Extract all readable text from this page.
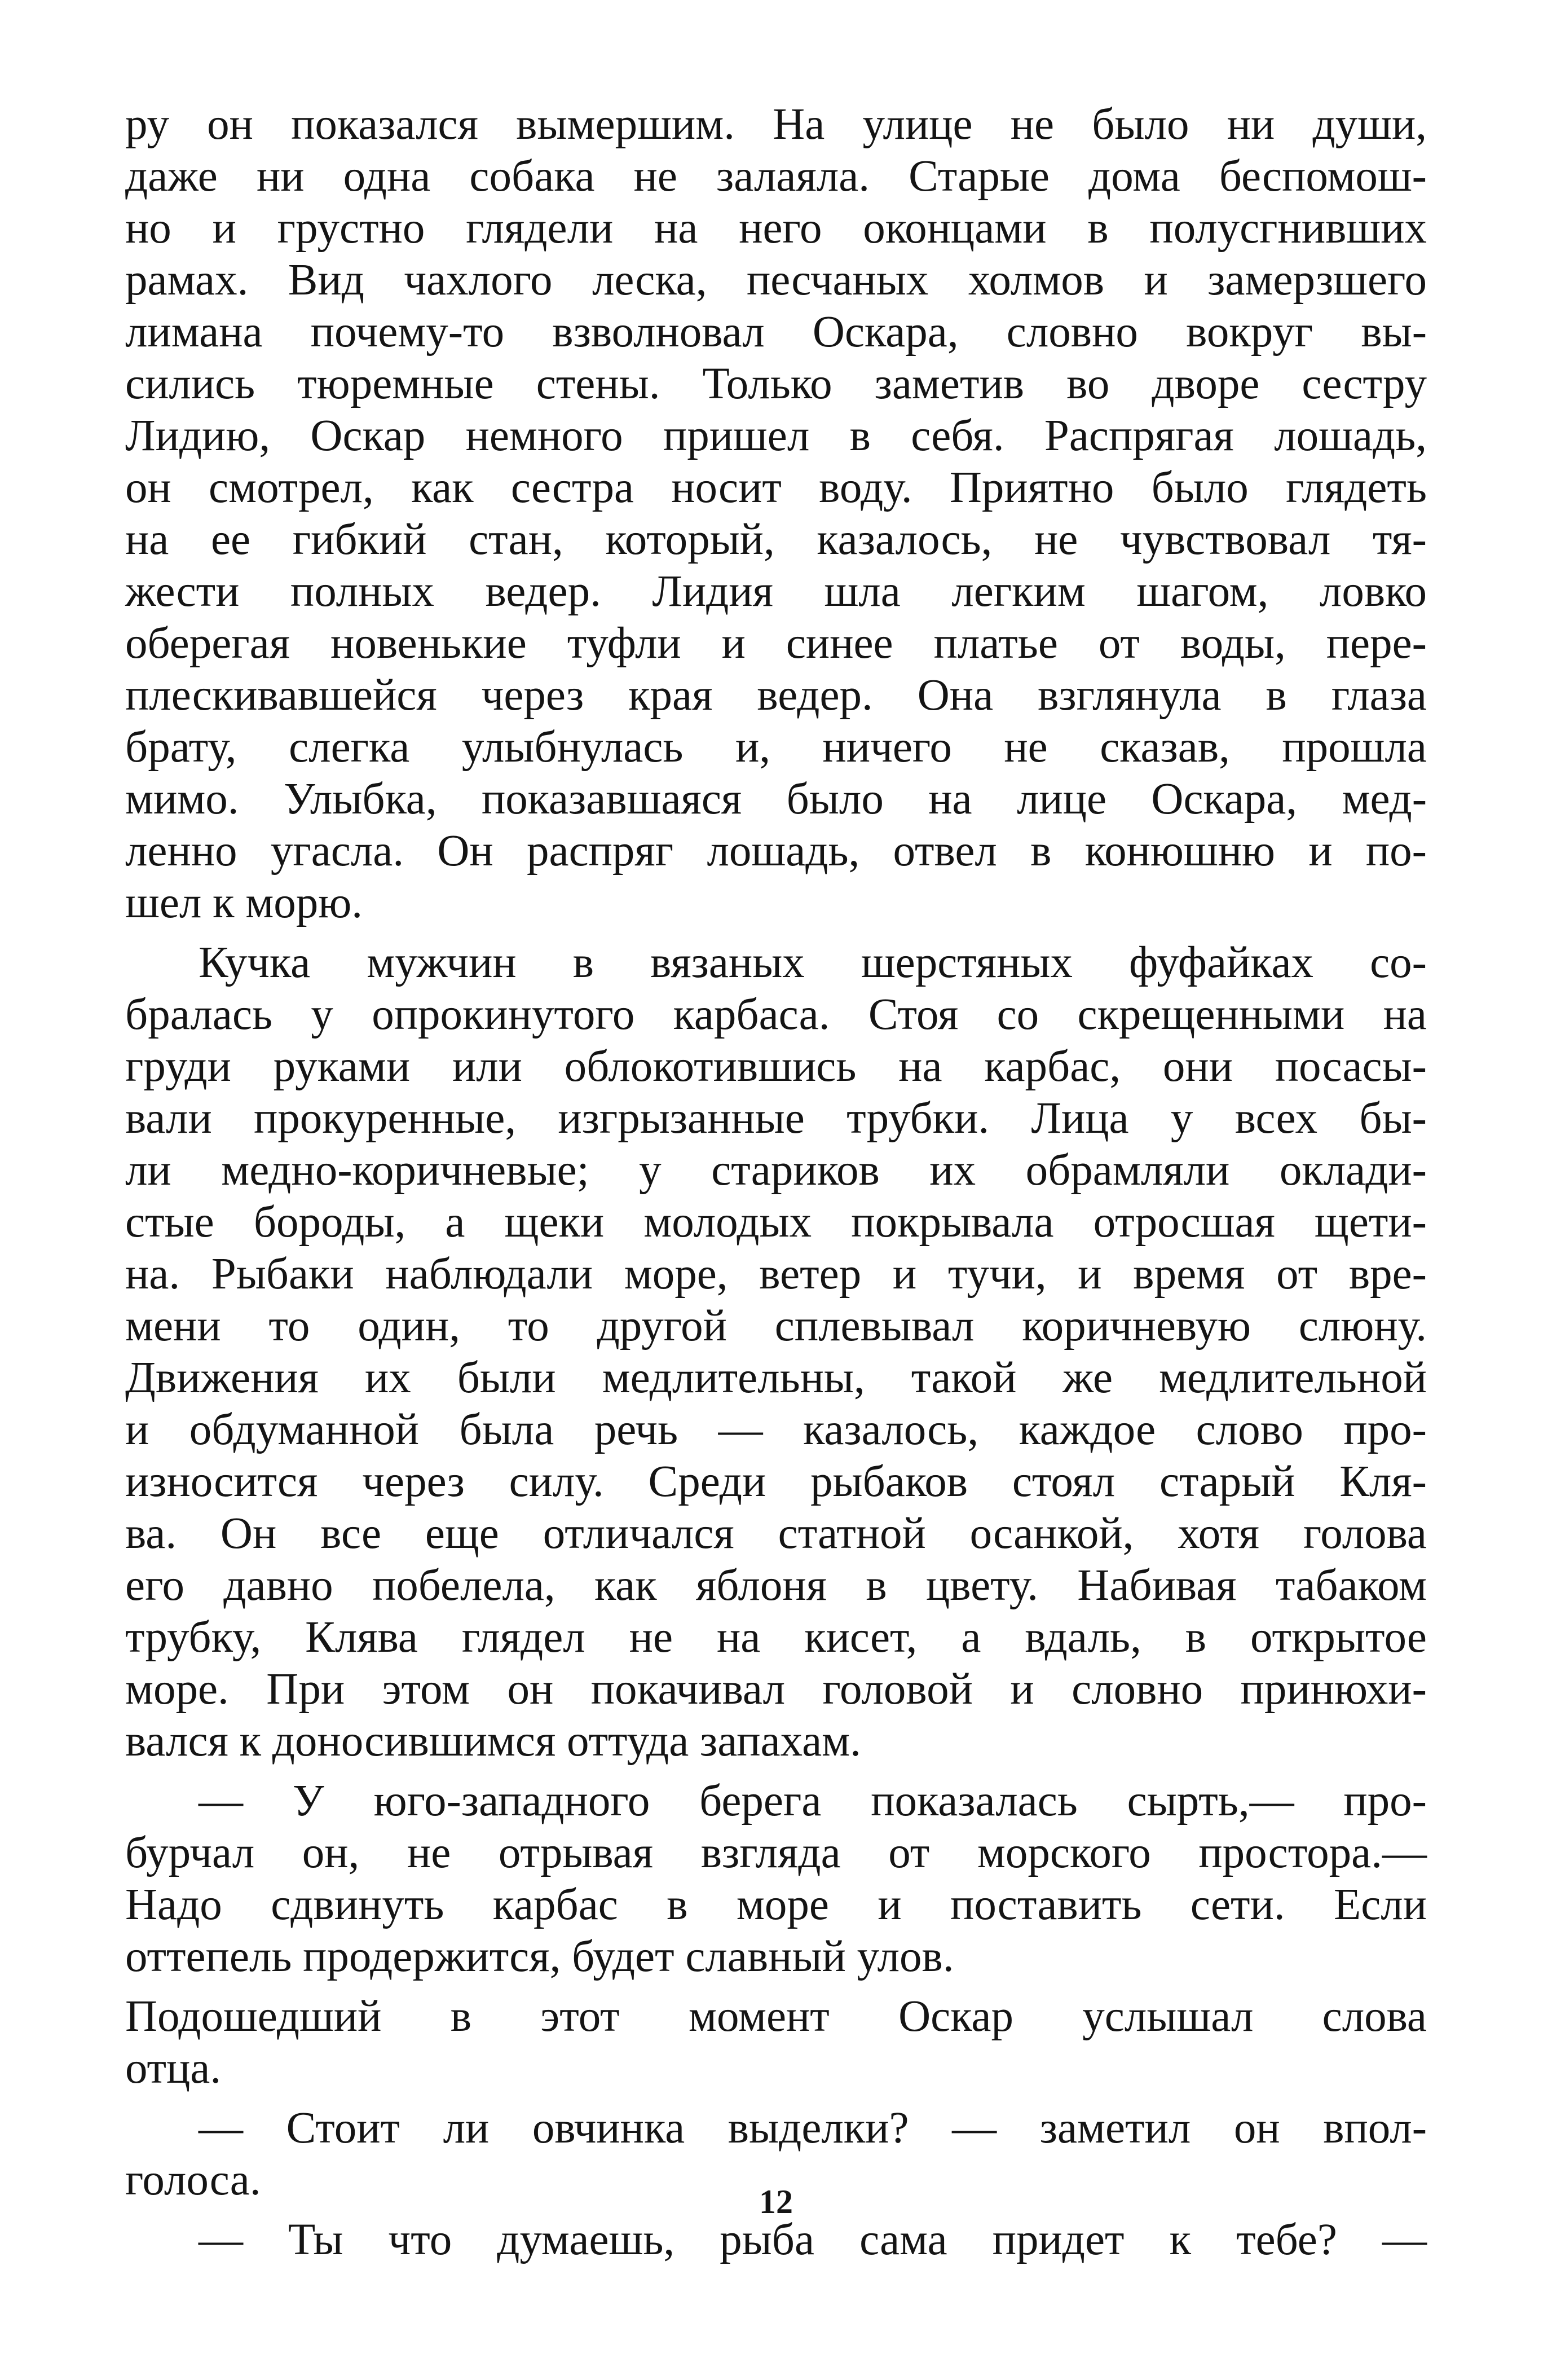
ру он показался вымершим. На улице не было ни души,
даже ни одна собака не залаяла. Старые дома беспомош-
но и грустно глядели на него оконцами в полусгнивших
рамах. Вид чахлого леска, песчаных холмов и замерзшего
лимана почему-то взволновал Оскара, словно вокруг вы-
сились тюремные стены. Только заметив во дворе сестру
Лидию, Оскар немного пришел в себя. Распрягая лошадь,
он смотрел, как сестра носит воду. Приятно было глядеть
на ее гибкий стан, который, казалось, не чувствовал тя-
жести полных ведер. Лидия шла легким шагом, ловко
оберегая новенькие туфли и синее платье от воды, пере-
плескивавшейся через края ведер. Она взглянула в глаза
брату, слегка улыбнулась и, ничего не сказав, прошла
мимо. Улыбка, показавшаяся было на лице Оскара, мед-
ленно угасла. Он распряг лошадь, отвел в конюшню и по-
шел к морю.
Кучка мужчин в вязаных шерстяных фуфайках со-
бралась у опрокинутого карбаса. Стоя со скрещенными на
груди руками или облокотившись на карбас, они посасы-
вали прокуренные, изгрызанные трубки. Лица у всех бы-
ли медно-коричневые; у стариков их обрамляли оклади-
стые бороды, а щеки молодых покрывала отросшая щети-
на. Рыбаки наблюдали море, ветер и тучи, и время от вре-
мени то один, то другой сплевывал коричневую слюну.
Движения их были медлительны, такой же медлительной
и обдуманной была речь — казалось, каждое слово про-
износится через силу. Среди рыбаков стоял старый Кля-
ва. Он все еще отличался статной осанкой, хотя голова
его давно побелела, как яблоня в цвету. Набивая табаком
трубку, Клява глядел не на кисет, а вдаль, в открытое
море. При этом он покачивал головой и словно принюхи-
вался к доносившимся оттуда запахам.
— У юго-западного берега показалась сырть,— про-
бурчал он, не отрывая взгляда от морского простора.—
Надо сдвинуть карбас в море и поставить сети. Если
оттепель продержится, будет славный улов.
Подошедший в этот момент Оскар услышал слова
отца.
— Стоит ли овчинка выделки? — заметил он впол-
голоса.
— Ты что думаешь, рыба сама придет к тебе? —
12
